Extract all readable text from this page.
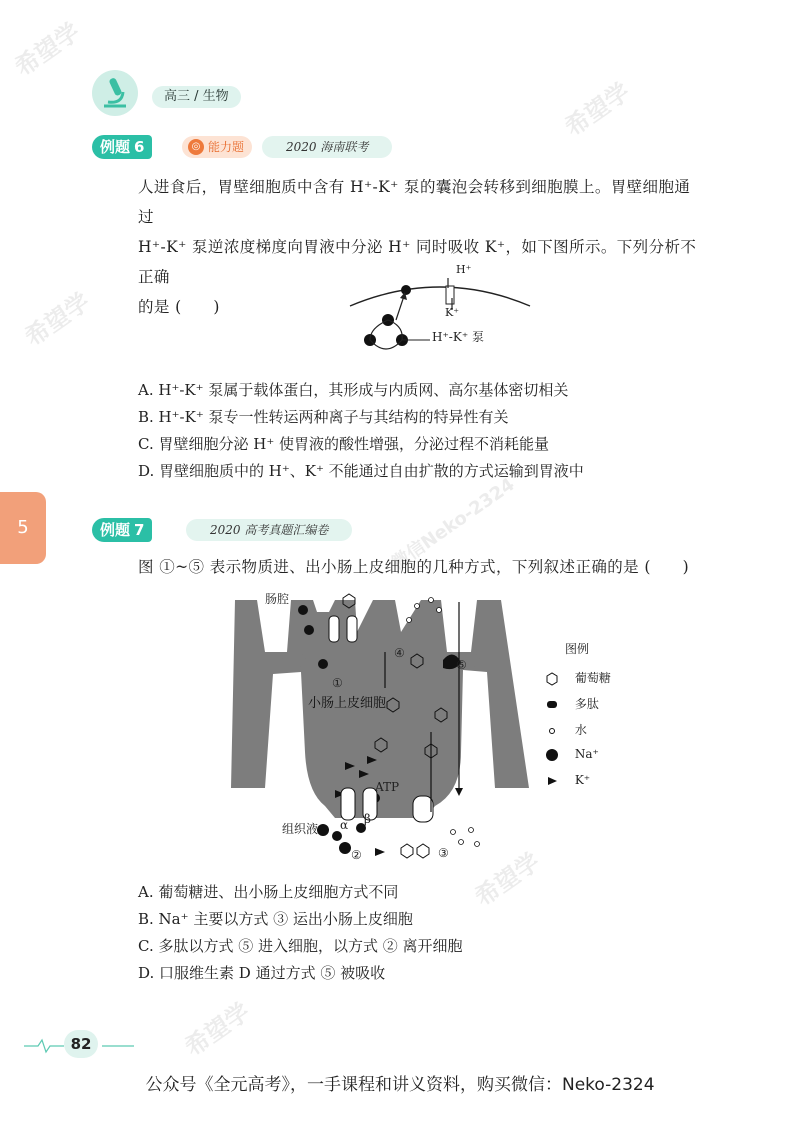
希望学
希望学
希望学
希望学
希望学
微信Neko-2324
高三 / 生物
例题 6	◎ 能力题	2020 海南联考
人进食后，胃壁细胞质中含有 H⁺-K⁺ 泵的囊泡会转移到细胞膜上。胃壁细胞通过
H⁺-K⁺ 泵逆浓度梯度向胃液中分泌 H⁺ 同时吸收 K⁺，如下图所示。下列分析不正确
的是 (　　)
H⁺
K⁺
H⁺-K⁺ 泵
A. H⁺-K⁺ 泵属于载体蛋白，其形成与内质网、高尔基体密切相关
B. H⁺-K⁺ 泵专一性转运两种离子与其结构的特异性有关
C. 胃壁细胞分泌 H⁺ 使胃液的酸性增强，分泌过程不消耗能量
D. 胃壁细胞质中的 H⁺、K⁺ 不能通过自由扩散的方式运输到胃液中
5	例题 7	2020 高考真题汇编卷
图 ①~⑤ 表示物质进、出小肠上皮细胞的几种方式，下列叙述正确的是 (　　)
肠腔
①
小肠上皮细胞
④
⑤
ATP
α β
组织液
②	③
图例
葡萄糖
多肽
水
Na⁺
K⁺
A. 葡萄糖进、出小肠上皮细胞方式不同
B. Na⁺ 主要以方式 ③ 运出小肠上皮细胞
C. 多肽以方式 ⑤ 进入细胞，以方式 ② 离开细胞
D. 口服维生素 D 通过方式 ⑤ 被吸收
82
公众号《全元高考》，一手课程和讲义资料，购买微信：Neko-2324
